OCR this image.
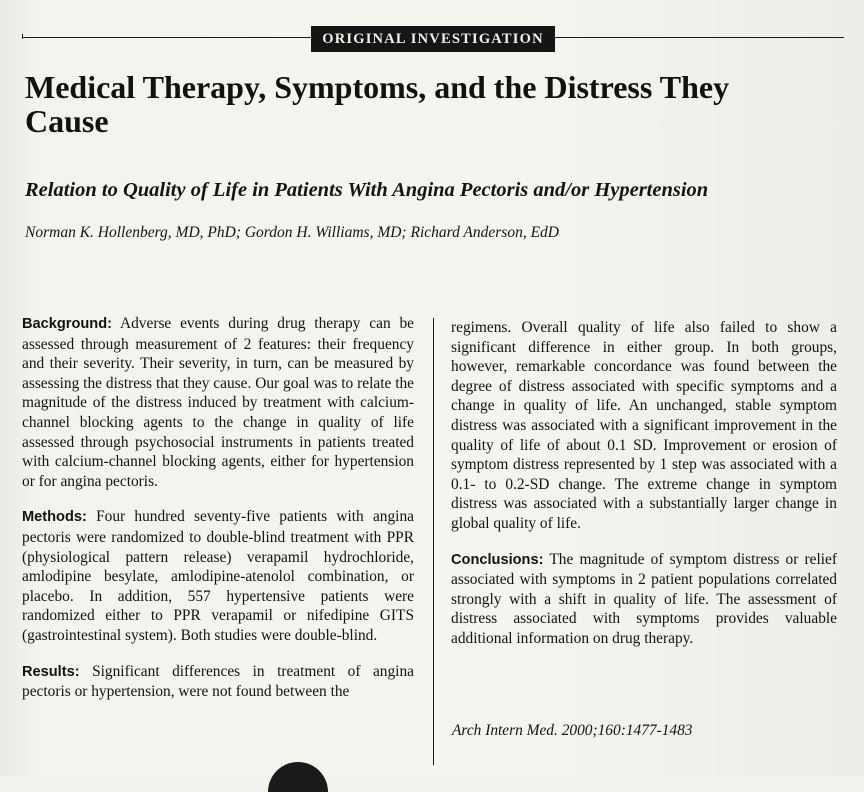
ORIGINAL INVESTIGATION
Medical Therapy, Symptoms, and the Distress They Cause
Relation to Quality of Life in Patients With Angina Pectoris and/or Hypertension
Norman K. Hollenberg, MD, PhD; Gordon H. Williams, MD; Richard Anderson, EdD

Background: Adverse events during drug therapy can be assessed through measurement of 2 features: their frequency and their severity. Their severity, in turn, can be measured by assessing the distress that they cause. Our goal was to relate the magnitude of the distress induced by treatment with calcium-channel blocking agents to the change in quality of life assessed through psychosocial instruments in patients treated with calcium-channel blocking agents, either for hypertension or for angina pectoris.

Methods: Four hundred seventy-five patients with angina pectoris were randomized to double-blind treatment with PPR (physiological pattern release) verapamil hydrochloride, amlodipine besylate, amlodipine-atenolol combination, or placebo. In addition, 557 hypertensive patients were randomized either to PPR verapamil or nifedipine GITS (gastrointestinal system). Both studies were double-blind.

Results: Significant differences in treatment of angina pectoris or hypertension, were not found between the

regimens. Overall quality of life also failed to show a significant difference in either group. In both groups, however, remarkable concordance was found between the degree of distress associated with specific symptoms and a change in quality of life. An unchanged, stable symptom distress was associated with a significant improvement in the quality of life of about 0.1 SD. Improvement or erosion of symptom distress represented by 1 step was associated with a 0.1- to 0.2-SD change. The extreme change in symptom distress was associated with a substantially larger change in global quality of life.

Conclusions: The magnitude of symptom distress or relief associated with symptoms in 2 patient populations correlated strongly with a shift in quality of life. The assessment of distress associated with symptoms provides valuable additional information on drug therapy.

Arch Intern Med. 2000;160:1477-1483
